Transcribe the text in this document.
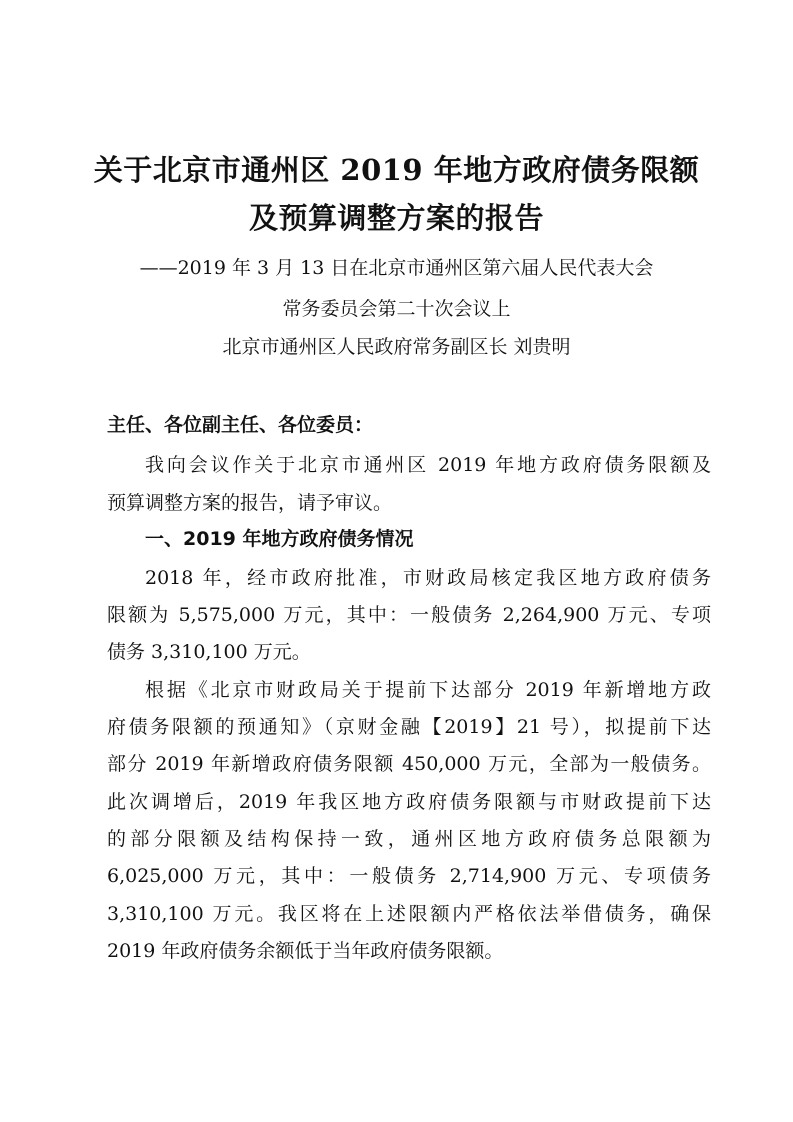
关于北京市通州区 2019 年地方政府债务限额
及预算调整方案的报告
——2019 年 3 月 13 日在北京市通州区第六届人民代表大会
常务委员会第二十次会议上
北京市通州区人民政府常务副区长 刘贵明
主任、各位副主任、各位委员：
我向会议作关于北京市通州区 2019 年地方政府债务限额及
预算调整方案的报告，请予审议。
一、2019 年地方政府债务情况
2018 年，经市政府批准，市财政局核定我区地方政府债务
限额为 5,575,000 万元，其中：一般债务 2,264,900 万元、专项
债务 3,310,100 万元。
根据《北京市财政局关于提前下达部分 2019 年新增地方政
府债务限额的预通知》（京财金融【2019】21 号），拟提前下达
部分 2019 年新增政府债务限额 450,000 万元，全部为一般债务。
此次调增后，2019 年我区地方政府债务限额与市财政提前下达
的部分限额及结构保持一致，通州区地方政府债务总限额为
6,025,000 万元，其中：一般债务 2,714,900 万元、专项债务
3,310,100 万元。我区将在上述限额内严格依法举借债务，确保
2019 年政府债务余额低于当年政府债务限额。
